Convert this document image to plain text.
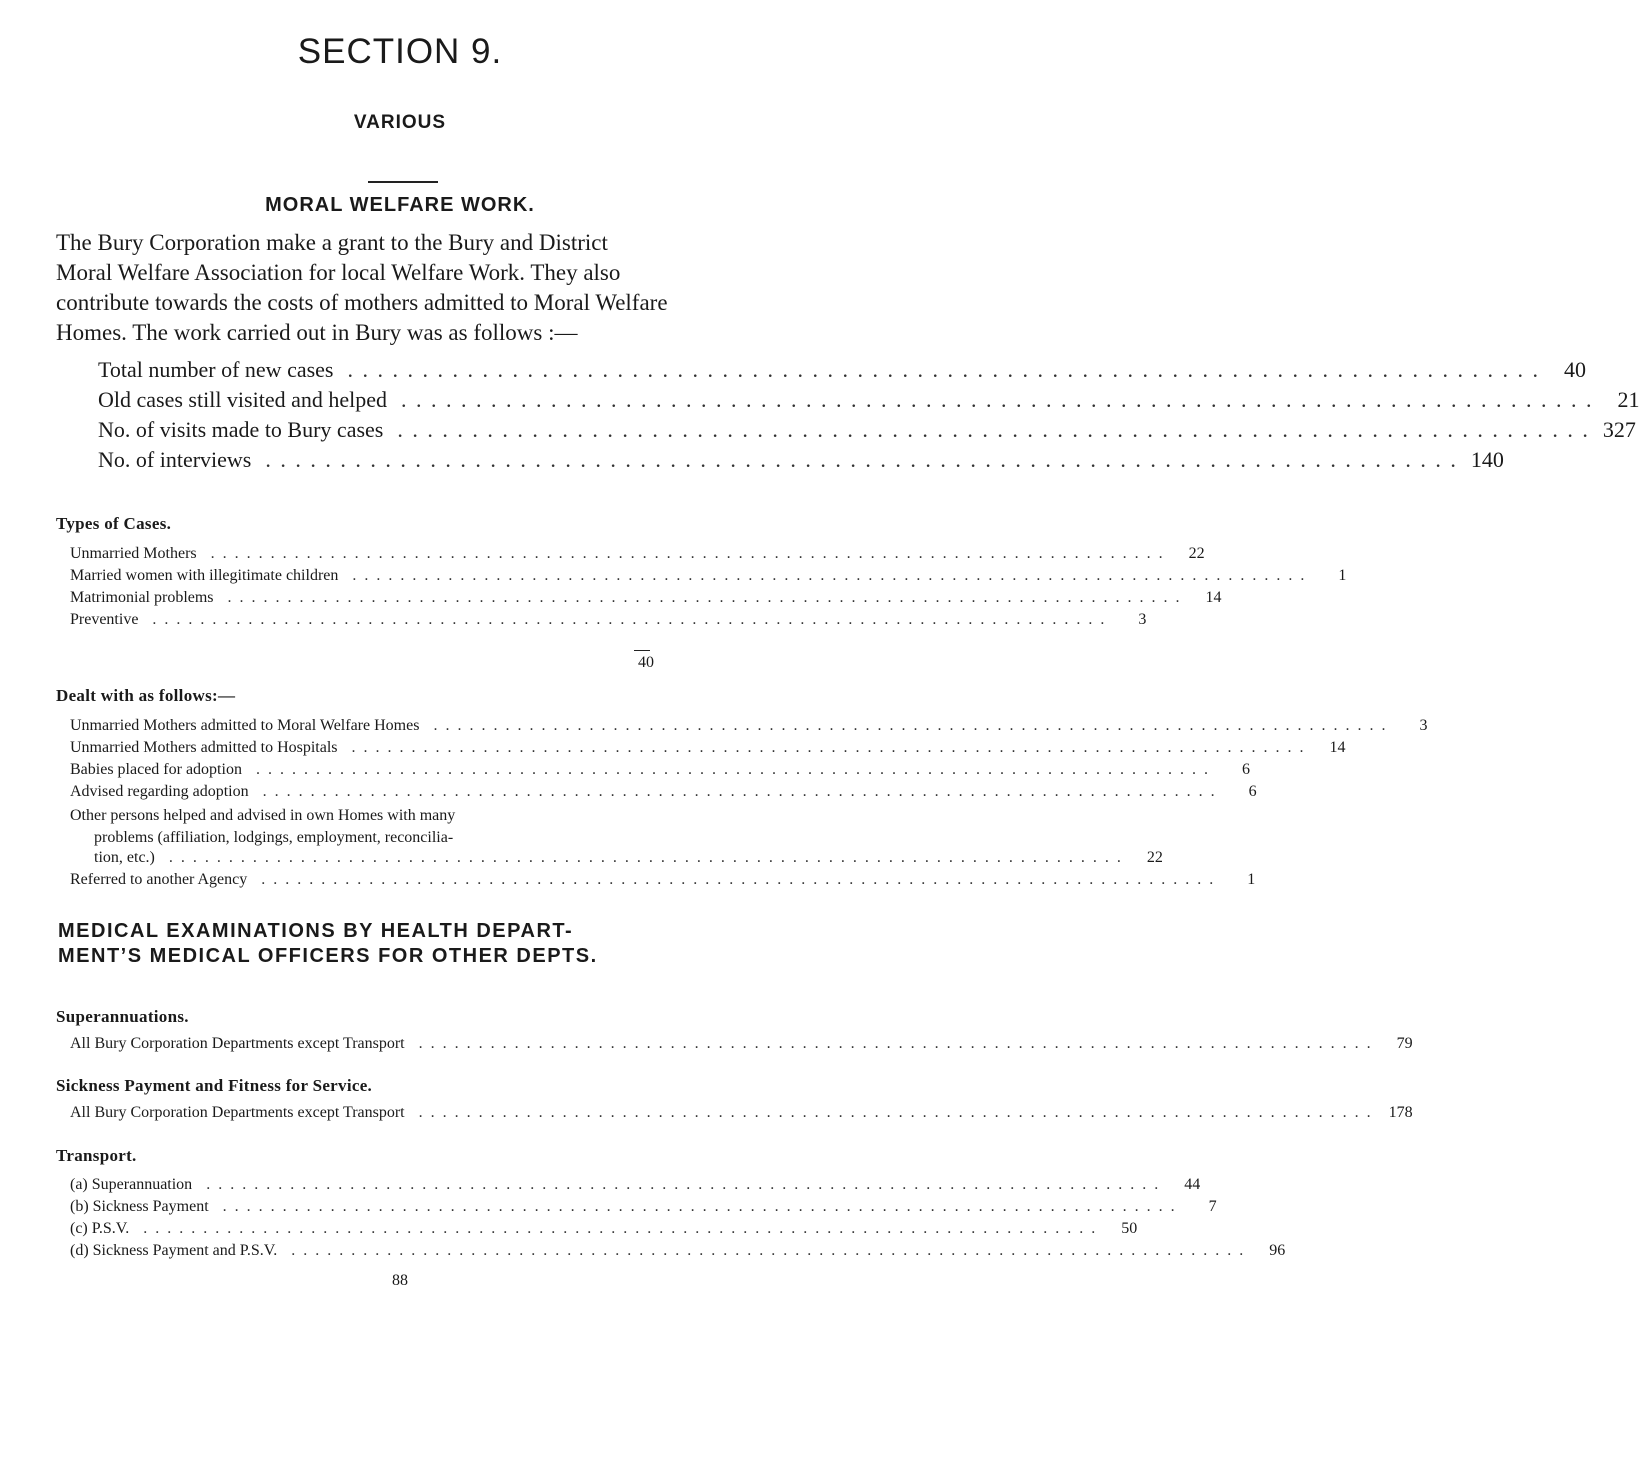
SECTION 9.
VARIOUS
MORAL WELFARE WORK.
The Bury Corporation make a grant to the Bury and District
Moral Welfare Association for local Welfare Work. They also
contribute towards the costs of mothers admitted to Moral Welfare
Homes. The work carried out in Bury was as follows :—
Total number of new cases . . . . . . . . . . . . . . . . . . . . . . . . . . . . . . . . . . . . . . . . . . . . . . . . . . . . . . . . . . . . . . . . . . . . . . . . . . . . . . . .	40
Old cases still visited and helped . . . . . . . . . . . . . . . . . . . . . . . . . . . . . . . . . . . . . . . . . . . . . . . . . . . . . . . . . . . . . . . . . . . . . . . . . . . . . . . .	21
No. of visits made to Bury cases . . . . . . . . . . . . . . . . . . . . . . . . . . . . . . . . . . . . . . . . . . . . . . . . . . . . . . . . . . . . . . . . . . . . . . . . . . . . . . . . 327
No. of interviews . . . . . . . . . . . . . . . . . . . . . . . . . . . . . . . . . . . . . . . . . . . . . . . . . . . . . . . . . . . . . . . . . . . . . . . . . . . . . . . . 140
Types of Cases.
Unmarried Mothers . . . . . . . . . . . . . . . . . . . . . . . . . . . . . . . . . . . . . . . . . . . . . . . . . . . . . . . . . . . . . . . . . . . . . . . . . . . . . . . .	22
Married women with illegitimate children . . . . . . . . . . . . . . . . . . . . . . . . . . . . . . . . . . . . . . . . . . . . . . . . . . . . . . . . . . . . . . . . . . . . . . . . . . . . . . . .	1
Matrimonial problems . . . . . . . . . . . . . . . . . . . . . . . . . . . . . . . . . . . . . . . . . . . . . . . . . . . . . . . . . . . . . . . . . . . . . . . . . . . . . . . .	14
Preventive . . . . . . . . . . . . . . . . . . . . . . . . . . . . . . . . . . . . . . . . . . . . . . . . . . . . . . . . . . . . . . . . . . . . . . . . . . . . . . . .	3
40
Dealt with as follows:—
Unmarried Mothers admitted to Moral Welfare Homes . . . . . . . . . . . . . . . . . . . . . . . . . . . . . . . . . . . . . . . . . . . . . . . . . . . . . . . . . . . . . . . . . . . . . . . . . . . . . . . .	3
Unmarried Mothers admitted to Hospitals . . . . . . . . . . . . . . . . . . . . . . . . . . . . . . . . . . . . . . . . . . . . . . . . . . . . . . . . . . . . . . . . . . . . . . . . . . . . . . . .	14
Babies placed for adoption . . . . . . . . . . . . . . . . . . . . . . . . . . . . . . . . . . . . . . . . . . . . . . . . . . . . . . . . . . . . . . . . . . . . . . . . . . . . . . . .	6
Advised regarding adoption . . . . . . . . . . . . . . . . . . . . . . . . . . . . . . . . . . . . . . . . . . . . . . . . . . . . . . . . . . . . . . . . . . . . . . . . . . . . . . . .	6
Other persons helped and advised in own Homes with many
problems (affiliation, lodgings, employment, reconcilia-
tion, etc.) . . . . . . . . . . . . . . . . . . . . . . . . . . . . . . . . . . . . . . . . . . . . . . . . . . . . . . . . . . . . . . . . . . . . . . . . . . . . . . . .	22
Referred to another Agency . . . . . . . . . . . . . . . . . . . . . . . . . . . . . . . . . . . . . . . . . . . . . . . . . . . . . . . . . . . . . . . . . . . . . . . . . . . . . . . .	1
MEDICAL EXAMINATIONS BY HEALTH DEPART-
MENT’S MEDICAL OFFICERS FOR OTHER DEPTS.
Superannuations.
All Bury Corporation Departments except Transport . . . . . . . . . . . . . . . . . . . . . . . . . . . . . . . . . . . . . . . . . . . . . . . . . . . . . . . . . . . . . . . . . . . . . . . . . . . . . . . .	79
Sickness Payment and Fitness for Service.
All Bury Corporation Departments except Transport . . . . . . . . . . . . . . . . . . . . . . . . . . . . . . . . . . . . . . . . . . . . . . . . . . . . . . . . . . . . . . . . . . . . . . . . . . . . . . . .	178
Transport.
(a) Superannuation . . . . . . . . . . . . . . . . . . . . . . . . . . . . . . . . . . . . . . . . . . . . . . . . . . . . . . . . . . . . . . . . . . . . . . . . . . . . . . . .	44
(b) Sickness Payment . . . . . . . . . . . . . . . . . . . . . . . . . . . . . . . . . . . . . . . . . . . . . . . . . . . . . . . . . . . . . . . . . . . . . . . . . . . . . . . .	7
(c) P.S.V. . . . . . . . . . . . . . . . . . . . . . . . . . . . . . . . . . . . . . . . . . . . . . . . . . . . . . . . . . . . . . . . . . . . . . . . . . . . . . . . .	50
(d) Sickness Payment and P.S.V. . . . . . . . . . . . . . . . . . . . . . . . . . . . . . . . . . . . . . . . . . . . . . . . . . . . . . . . . . . . . . . . . . . . . . . . . . . . . . . . .	96
88
